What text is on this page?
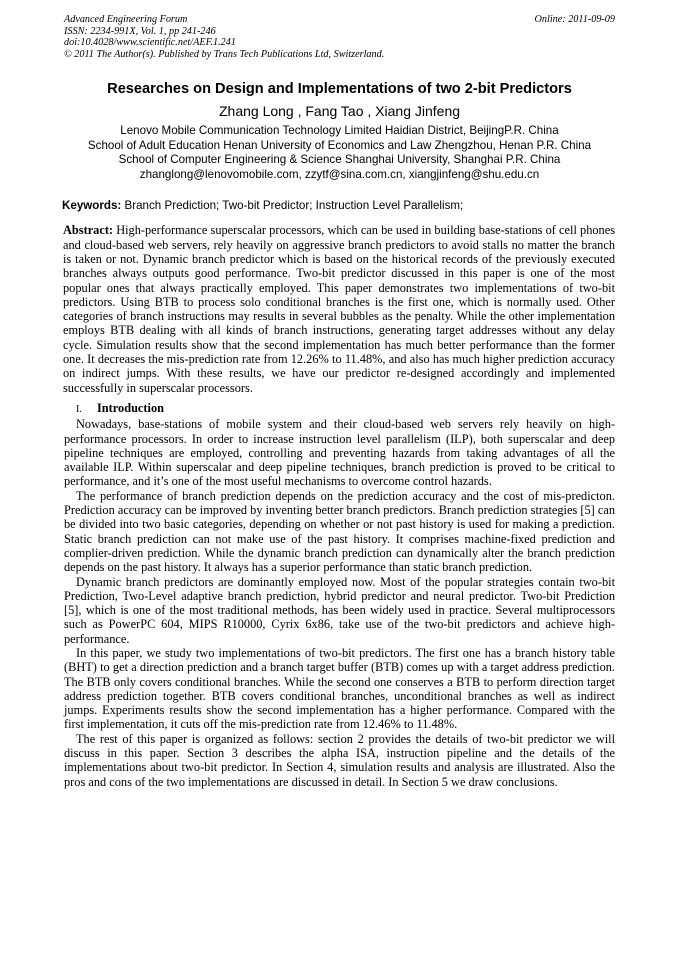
Advanced Engineering Forum
ISSN: 2234-991X, Vol. 1, pp 241-246
doi:10.4028/www.scientific.net/AEF.1.241
© 2011 The Author(s). Published by Trans Tech Publications Ltd, Switzerland.
Online: 2011-09-09
Researches on Design and Implementations of two 2-bit Predictors
Zhang Long , Fang Tao , Xiang Jinfeng
Lenovo Mobile Communication Technology Limited Haidian District, BeijingP.R. China
School of Adult Education Henan University of Economics and Law Zhengzhou, Henan P.R. China
School of Computer Engineering & Science Shanghai University, Shanghai P.R. China
zhanglong@lenovomobile.com, zzytf@sina.com.cn, xiangjinfeng@shu.edu.cn
Keywords: Branch Prediction; Two-bit Predictor; Instruction Level Parallelism;
Abstract: High-performance superscalar processors, which can be used in building base-stations of cell phones and cloud-based web servers, rely heavily on aggressive branch predictors to avoid stalls no matter the branch is taken or not. Dynamic branch predictor which is based on the historical records of the previously executed branches always outputs good performance. Two-bit predictor discussed in this paper is one of the most popular ones that always practically employed. This paper demonstrates two implementations of two-bit predictors. Using BTB to process solo conditional branches is the first one, which is normally used. Other categories of branch instructions may results in several bubbles as the penalty. While the other implementation employs BTB dealing with all kinds of branch instructions, generating target addresses without any delay cycle. Simulation results show that the second implementation has much better performance than the former one. It decreases the mis-prediction rate from 12.26% to 11.48%, and also has much higher prediction accuracy on indirect jumps. With these results, we have our predictor re-designed accordingly and implemented successfully in superscalar processors.
I. Introduction
Nowadays, base-stations of mobile system and their cloud-based web servers rely heavily on high-performance processors. In order to increase instruction level parallelism (ILP), both superscalar and deep pipeline techniques are employed, controlling and preventing hazards from taking advantages of all the available ILP. Within superscalar and deep pipeline techniques, branch prediction is proved to be critical to performance, and it’s one of the most useful mechanisms to overcome control hazards.
The performance of branch prediction depends on the prediction accuracy and the cost of mis-predicton. Prediction accuracy can be improved by inventing better branch predictors. Branch prediction strategies [5] can be divided into two basic categories, depending on whether or not past history is used for making a prediction. Static branch prediction can not make use of the past history. It comprises machine-fixed prediction and complier-driven prediction. While the dynamic branch prediction can dynamically alter the branch prediction depends on the past history. It always has a superior performance than static branch prediction.
Dynamic branch predictors are dominantly employed now. Most of the popular strategies contain two-bit Prediction, Two-Level adaptive branch prediction, hybrid predictor and neural predictor. Two-bit Prediction [5], which is one of the most traditional methods, has been widely used in practice. Several multiprocessors such as PowerPC 604, MIPS R10000, Cyrix 6x86, take use of the two-bit predictors and achieve high-performance.
In this paper, we study two implementations of two-bit predictors. The first one has a branch history table (BHT) to get a direction prediction and a branch target buffer (BTB) comes up with a target address prediction. The BTB only covers conditional branches. While the second one conserves a BTB to perform direction target address prediction together. BTB covers conditional branches, unconditional branches as well as indirect jumps. Experiments results show the second implementation has a higher performance. Compared with the first implementation, it cuts off the mis-prediction rate from 12.46% to 11.48%.
The rest of this paper is organized as follows: section 2 provides the details of two-bit predictor we will discuss in this paper. Section 3 describes the alpha ISA, instruction pipeline and the details of the implementations about two-bit predictor. In Section 4, simulation results and analysis are illustrated. Also the pros and cons of the two implementations are discussed in detail. In Section 5 we draw conclusions.
